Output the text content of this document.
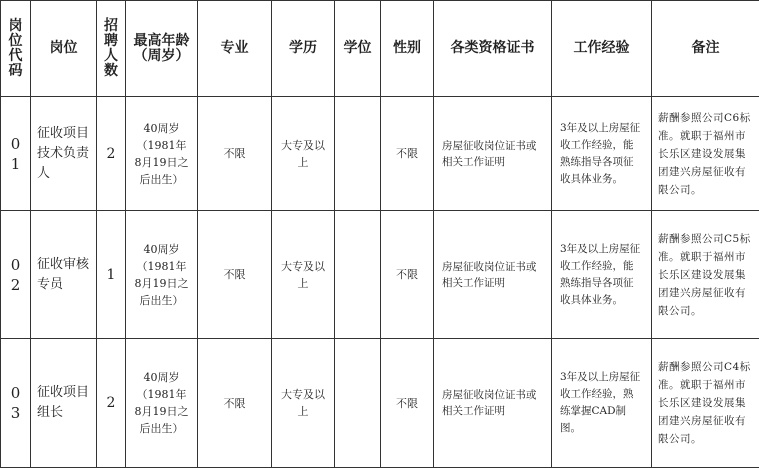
岗位代码	岗位	招聘人数	最高年龄（周岁）	专业	学历	学位	性别	各类资格证书	工作经验	备注

0
1	征收项目技术负责人	2	40周岁（1981年8月19日之后出生）	不限	大专及以上		不限	房屋征收岗位证书或相关工作证明	3年及以上房屋征收工作经验，能熟练指导各项征收具体业务。	薪酬参照公司C6标准。就职于福州市长乐区建设发展集团建兴房屋征收有限公司。

0
2	征收审核专员	1	40周岁（1981年8月19日之后出生）	不限	大专及以上		不限	房屋征收岗位证书或相关工作证明	3年及以上房屋征收工作经验，能熟练指导各项征收具体业务。	薪酬参照公司C5标准。就职于福州市长乐区建设发展集团建兴房屋征收有限公司。

0
3	征收项目组长	2	40周岁（1981年8月19日之后出生）	不限	大专及以上		不限	房屋征收岗位证书或相关工作证明	3年及以上房屋征收工作经验，熟练掌握CAD制图。	薪酬参照公司C4标准。就职于福州市长乐区建设发展集团建兴房屋征收有限公司。
